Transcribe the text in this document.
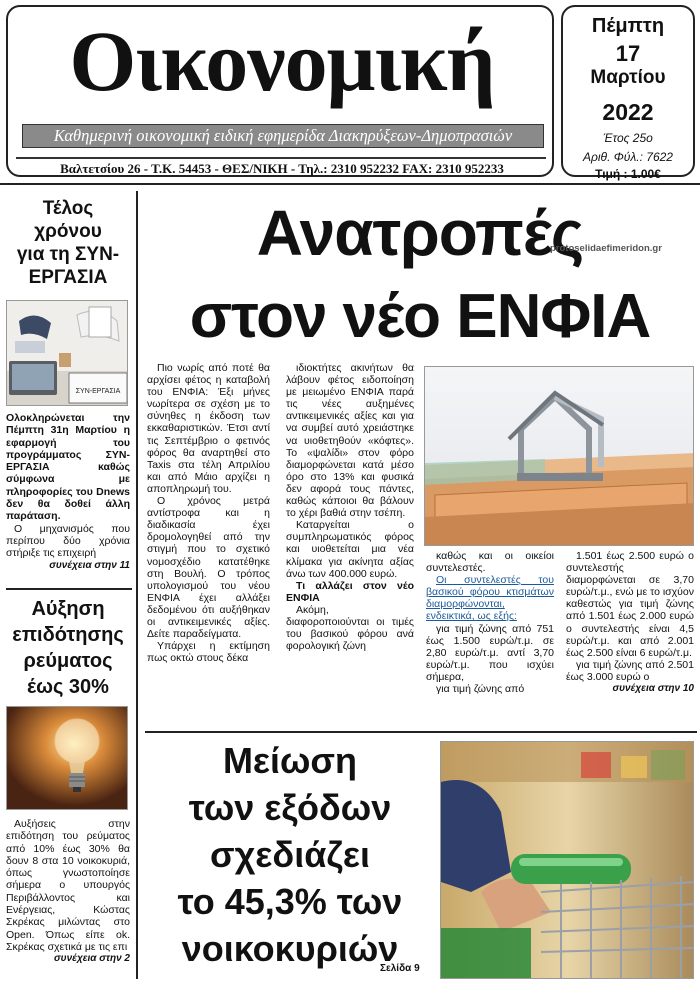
Οικονομική
Καθημερινή οικονομική ειδική εφημερίδα Διακηρύξεων-Δημοπρασιών
Βαλτετσίου 26 - Τ.Κ. 54453 - ΘΕΣ/ΝΙΚΗ - Τηλ.: 2310 952232 FAX: 2310 952233
Πέμπτη
17
Μαρτίου
2022
Έτος 25ο
Αριθ. Φύλ.: 7622
Τιμή : 1.00€
Τέλος
χρόνου
για τη ΣΥΝ-
ΕΡΓΑΣΙΑ
ΣΥΝ-ΕΡΓΑΣΙΑ
Ολοκληρώνεται την Πέμπτη 31η Μαρτίου η εφαρμογή του προγράμματος ΣΥΝ-ΕΡΓΑΣΙΑ καθώς σύμφωνα με πληροφορίες του Dnews δεν θα δοθεί άλλη παράταση.
Ο μηχανισμός που περίπου δύο χρόνια στήριξε τις επιχειρή
συνέχεια στην 11
Αύξηση
επιδότησης
ρεύματος
έως 30%
Αυξήσεις στην επιδότηση του ρεύματος από 10% έως 30% θα δουν 8 στα 10 νοικοκυριά, όπως γνωστοποίησε σήμερα ο υπουργός Περιβάλλοντος και Ενέργειας, Κώστας Σκρέκας μιλώντας στο Open. Όπως είπε ok. Σκρέκας σχετικά με τις επι
συνέχεια στην 2
Ανατροπές
protoselidaefimeridon.gr
στον νέο ΕΝΦΙΑ

Πιο νωρίς από ποτέ θα αρχίσει φέτος η καταβολή του ΕΝΦΙΑ: Έξι μήνες νωρίτερα σε σχέση με το σύνηθες η έκδοση των εκκαθαριστικών. Έτσι αντί τις Σεπτέμβριο ο φετινός φόρος θα αναρτηθεί στο Taxis στα τέλη Απριλίου και από Μάιο αρχίζει η αποπληρωμή του.

Ο χρόνος μετρά αντίστροφα και η διαδικασία έχει δρομολογηθεί από την στιγμή που το σχετικό νομοσχέδιο κατατέθηκε στη Βουλή. Ο τρόπος υπολογισμού του νέου ΕΝΦΙΑ έχει αλλάξει δεδομένου ότι αυξήθηκαν οι αντικειμενικές αξίες. Δείτε παραδείγματα.

Υπάρχει η εκτίμηση πως οκτώ στους δέκα

ιδιοκτήτες ακινήτων θα λάβουν φέτος ειδοποίηση με μειωμένο ΕΝΦΙΑ παρά τις νέες αυξημένες αντικειμενικές αξίες και για να συμβεί αυτό χρειάστηκε να υιοθετηθούν «κόφτες». Το «ψαλίδι» στον φόρο διαμορφώνεται κατά μέσο όρο στο 13% και φυσικά δεν αφορά τους πάντες, καθώς κάποιοι θα βάλουν το χέρι βαθιά στην τσέπη.

Καταργείται ο συμπληρωματικός φόρος και υιοθετείται μια νέα κλίμακα για ακίνητα αξίας άνω των 400.000 ευρώ.

Τι αλλάζει στον νέο ΕΝΦΙΑ

Ακόμη, διαφοροποιούνται οι τιμές του βασικού φόρου ανά φορολογική ζώνη

καθώς και οι οικείοι συντελεστές.

Οι συντελεστές του βασικού φόρου κτισμάτων διαμορφώνονται, ενδεικτικά, ως εξής:

για τιμή ζώνης από 751 έως 1.500 ευρώ/τ.μ. σε 2,80 ευρώ/τ.μ. αντί 3,70 ευρώ/τ.μ. που ισχύει σήμερα,

για τιμή ζώνης από

1.501 έως 2.500 ευρώ ο συντελεστής διαμορφώνεται σε 3,70 ευρώ/τ.μ., ενώ με το ισχύον καθεστώς για τιμή ζώνης από 1.501 έως 2.000 ευρώ ο συντελεστής είναι 4,5 ευρώ/τ.μ. και από 2.001 έως 2.500 είναι 6 ευρώ/τ.μ.

για τιμή ζώνης από 2.501 έως 3.000 ευρώ ο

συνέχεια στην 10
Μείωση
των εξόδων
σχεδιάζει
το 45,3% των
νοικοκυριών
Σελίδα 9
